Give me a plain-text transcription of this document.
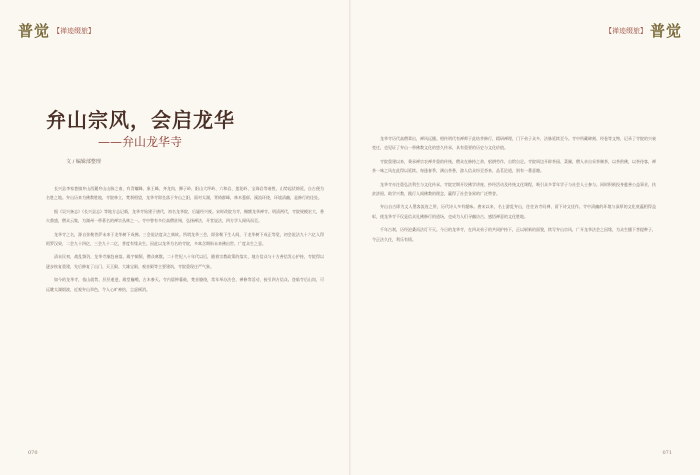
普觉 【禅迹缀旅】
弁山宗风，会启龙华
——弁山龙华寺
文 / 编辑部整理

长兴县李家巷镇弁山西麓弁山山脉之南，有青螺峰、象王峰、齐龙岗、狮子岭、阳山大坪岭、六和岩、莲花岭、宝珠岩等诸胜，山势起伏绵延，自古便为名胜之地。弁山历来为佛教胜地，寺院林立，梵刹相望，龙华寺即坐落于弁山之阳，面对太湖，背倚群峰，林木葱郁，溪流环绕，环境清幽，是修行的佳处。

据《吴兴备志》《长兴县志》等地方志记载，龙华寺始建于唐代，初名龙华院，后屡经兴废。宋时改院为寺，赐额龙华禅寺。明清两代，寺院规模宏大，香火鼎盛，僧众云集，为湖州一带著名的禅宗丛林之一。寺中曾有多位高僧驻锡，弘扬禅法，开堂说法，四方学人闻风而至。

龙华寺之名，源自弥勒菩萨未来于龙华树下成佛、三会说法度众之典故。所谓龙华三会，即弥勒下生人间，于龙华树下成正等觉，初会说法九十六亿人得阿罗汉果，二会九十四亿，三会九十二亿，普度有缘众生。因此以龙华为名的寺院，多寓含期盼未来佛出世、广度众生之意。

清末民初，战乱频仍，龙华寺渐趋衰落，殿宇倾颓，僧众离散。二十世纪八十年代以后，随着宗教政策的落实，地方信众与十方善信发心护持，寺院得以逐步恢复重建，先后修复了山门、天王殿、大雄宝殿、观音殿等主要建筑，寺院重现庄严气象。

如今的龙华寺，依山就势，层层递进，殿堂巍峨，古木参天。寺内晨钟暮鼓，梵音缭绕，常年举办法会、禅修等活动，接引四方信众。登临寺后山岗，可远眺太湖烟波，近观弁山翠色，令人心旷神怡，尘虑顿消。

070
【禅迹缀旅】 普觉

龙华寺历代高僧辈出，禅风远播。相传明代有禅师于此结茅修行，精研禅理，门下弟子众多，法脉延续至今。寺中所藏碑刻、经卷等文物，记录了寺院的兴衰变迁，也见证了弁山一带佛教文化的悠久传承，具有重要的历史与文化价值。

寺院重建以来，秉承禅宗农禅并重的传统，僧众在修持之余，躬耕劳作，自给自足。寺院周边开辟茶园、菜圃，僧人亲自采茶制茶，以茶供佛，以茶待客，禅茶一味之风在此得以延续。每逢春季，满山茶香，游人信众纷至沓来，品茗论道，别有一番意趣。

龙华寺亦注重弘法利生与文化传承。寺院定期开设佛学讲座、抄经活动及传统文化课程，吸引众多青年学子与社会人士参与。同时积极投身慈善公益事业，扶贫济困，助学兴教，践行人间佛教的理念，赢得了社会各界的广泛赞誉。

弁山自古即为文人墨客流连之所，历代诗人多有题咏。唐宋以来，名士游览弁山，往往访寺问禅，留下诗文佳作。寺中清幽的环境与深厚的文化底蕴相得益彰，使龙华寺不仅是信众礼佛修行的道场，也成为人们寻幽访古、感悟禅意的文化胜地。

千年古刹，历经沧桑而法灯不灭。今日的龙华寺，在四众弟子的共同护持下，正以崭新的面貌，续写弁山宗风，广开龙华法会之因缘，为众生播下菩提种子，令正法久住，利乐有情。

071
